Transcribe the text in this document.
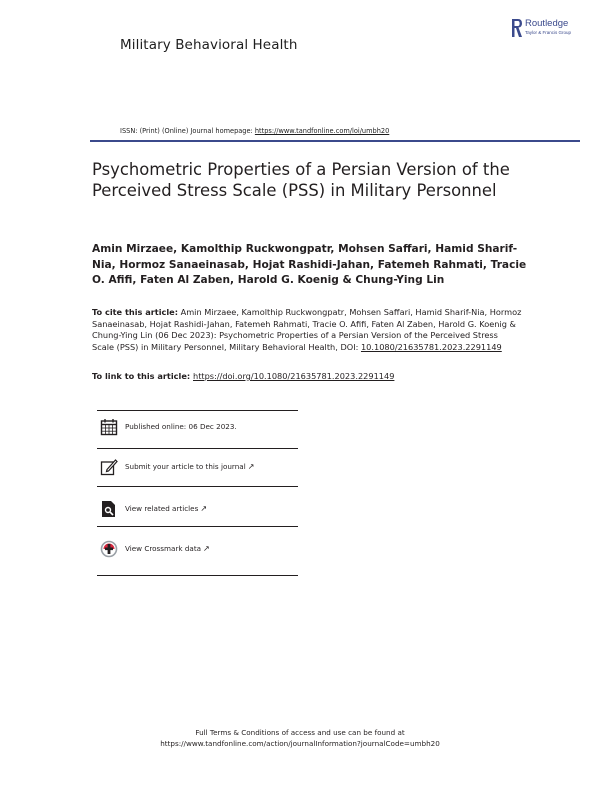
Military Behavioral Health
Routledge
Taylor & Francis Group
ISSN: (Print) (Online) Journal homepage: https://www.tandfonline.com/loi/umbh20
Psychometric Properties of a Persian Version of the Perceived Stress Scale (PSS) in Military Personnel
Amin Mirzaee, Kamolthip Ruckwongpatr, Mohsen Saffari, Hamid Sharif-Nia, Hormoz Sanaeinasab, Hojat Rashidi-Jahan, Fatemeh Rahmati, Tracie O. Afifi, Faten Al Zaben, Harold G. Koenig & Chung-Ying Lin
To cite this article: Amin Mirzaee, Kamolthip Ruckwongpatr, Mohsen Saffari, Hamid Sharif-Nia, Hormoz Sanaeinasab, Hojat Rashidi-Jahan, Fatemeh Rahmati, Tracie O. Afifi, Faten Al Zaben, Harold G. Koenig & Chung-Ying Lin (06 Dec 2023): Psychometric Properties of a Persian Version of the Perceived Stress Scale (PSS) in Military Personnel, Military Behavioral Health, DOI: 10.1080/21635781.2023.2291149
To link to this article: https://doi.org/10.1080/21635781.2023.2291149
Published online: 06 Dec 2023.
Submit your article to this journal ↗
View related articles ↗
View Crossmark data ↗
Full Terms & Conditions of access and use can be found at
https://www.tandfonline.com/action/journalInformation?journalCode=umbh20
